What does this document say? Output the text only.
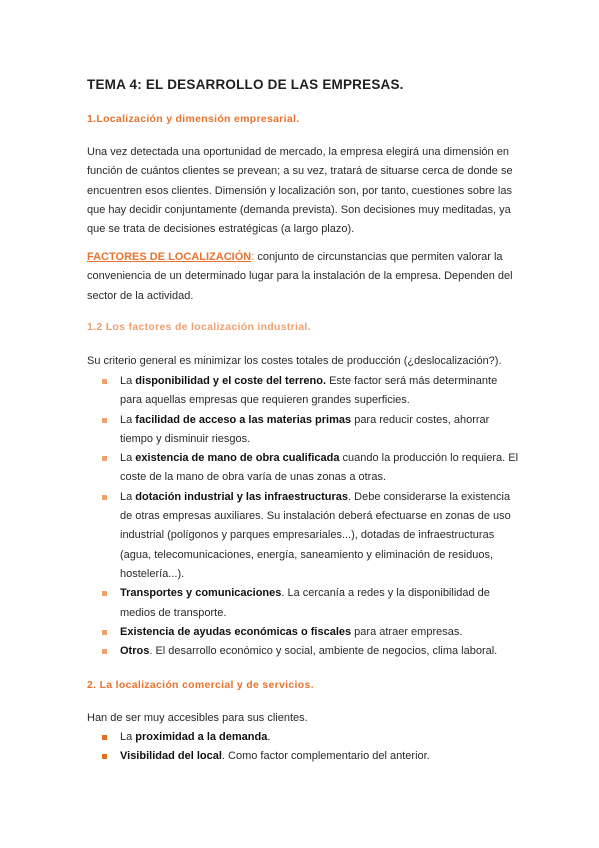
TEMA 4: EL DESARROLLO DE LAS EMPRESAS.
1.Localización y dimensión empresarial.

Una vez detectada una oportunidad de mercado, la empresa elegirá una dimensión en función de cuántos clientes se prevean; a su vez, tratará de situarse cerca de donde se encuentren esos clientes. Dimensión y localización son, por tanto, cuestiones sobre las que hay decidir conjuntamente (demanda prevista). Son decisiones muy meditadas, ya que se trata de decisiones estratégicas (a largo plazo).

FACTORES DE LOCALIZACIÓN: conjunto de circunstancias que permiten valorar la conveniencia de un determinado lugar para la instalación de la empresa. Dependen del sector de la actividad.

1.2 Los factores de localización industrial.

Su criterio general es minimizar los costes totales de producción (¿deslocalización?).

La disponibilidad y el coste del terreno. Este factor será más determinante para aquellas empresas que requieren grandes superficies.
La facilidad de acceso a las materias primas para reducir costes, ahorrar tiempo y disminuir riesgos.
La existencia de mano de obra cualificada cuando la producción lo requiera. El coste de la mano de obra varía de unas zonas a otras.
La dotación industrial y las infraestructuras. Debe considerarse la existencia de otras empresas auxiliares. Su instalación deberá efectuarse en zonas de uso industrial (polígonos y parques empresariales...), dotadas de infraestructuras (agua, telecomunicaciones, energía, saneamiento y eliminación de residuos, hostelería...).
Transportes y comunicaciones. La cercanía a redes y la disponibilidad de medios de transporte.
Existencia de ayudas económicas o fiscales para atraer empresas.
Otros. El desarrollo económico y social, ambiente de negocios, clima laboral.
2. La localización comercial y de servicios.

Han de ser muy accesibles para sus clientes.

La proximidad a la demanda.
Visibilidad del local. Como factor complementario del anterior.
